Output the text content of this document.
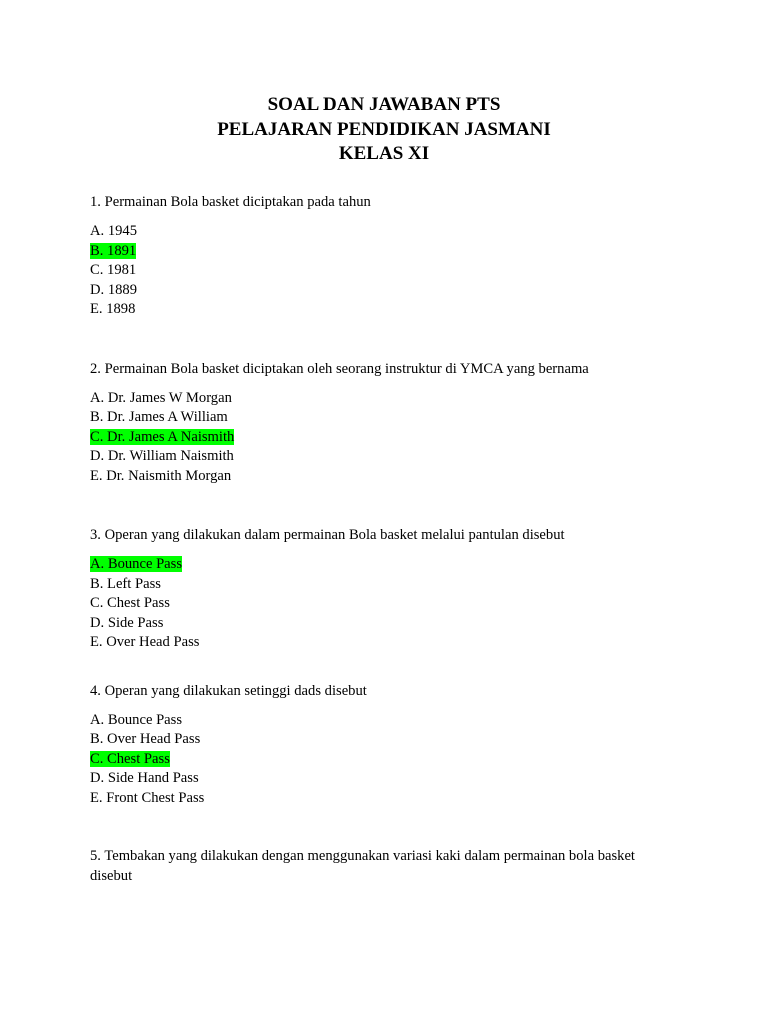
SOAL DAN JAWABAN PTS
PELAJARAN PENDIDIKAN JASMANI
KELAS XI
1. Permainan Bola basket diciptakan pada tahun
A. 1945
B. 1891
C. 1981
D. 1889
E. 1898
2. Permainan Bola basket diciptakan oleh seorang instruktur di YMCA yang bernama
A. Dr. James W Morgan
B. Dr. James A William
C. Dr. James A Naismith
D. Dr. William Naismith
E. Dr. Naismith Morgan
3. Operan yang dilakukan dalam permainan Bola basket melalui pantulan disebut
A. Bounce Pass
B. Left Pass
C. Chest Pass
D. Side Pass
E. Over Head Pass
4. Operan yang dilakukan setinggi dads disebut
A. Bounce Pass
B. Over Head Pass
C. Chest Pass
D. Side Hand Pass
E. Front Chest Pass
5. Tembakan yang dilakukan dengan menggunakan variasi kaki dalam permainan bola basket disebut
